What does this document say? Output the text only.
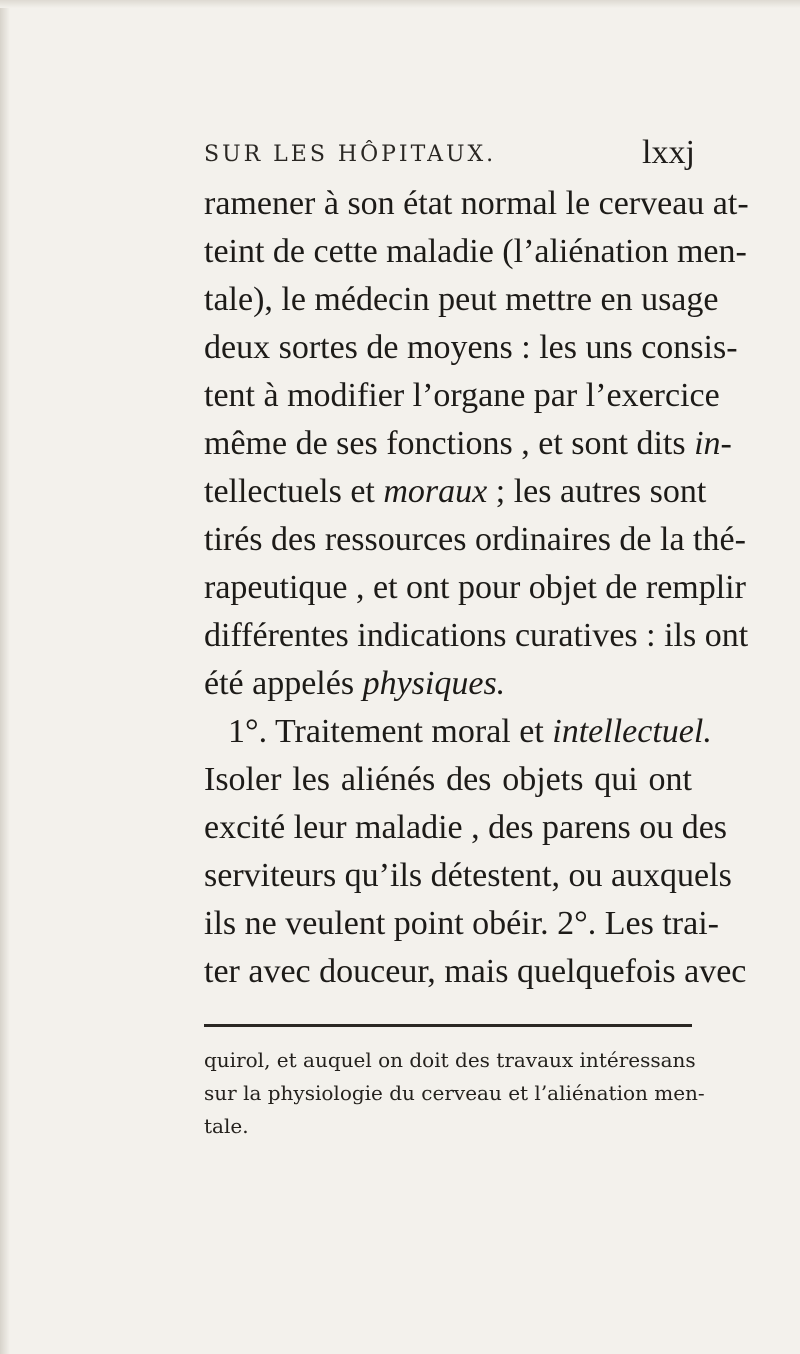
SUR LES HÔPITAUX.	lxxj
ramener à son état normal le cerveau at-
teint de cette maladie (l’aliénation men-
tale), le médecin peut mettre en usage
deux sortes de moyens : les uns consis-
tent à modifier l’organe par l’exercice
même de ses fonctions , et sont dits in-
tellectuels et moraux ; les autres sont
tirés des ressources ordinaires de la thé-
rapeutique , et ont pour objet de remplir
différentes indications curatives : ils ont
été appelés physiques.
1°. Traitement moral et intellectuel.
Isoler les aliénés des objets qui ont
excité leur maladie , des parens ou des
serviteurs qu’ils détestent, ou auxquels
ils ne veulent point obéir. 2°. Les trai-
ter avec douceur, mais quelquefois avec
quirol, et auquel on doit des travaux intéressans
sur la physiologie du cerveau et l’aliénation men-
tale.
